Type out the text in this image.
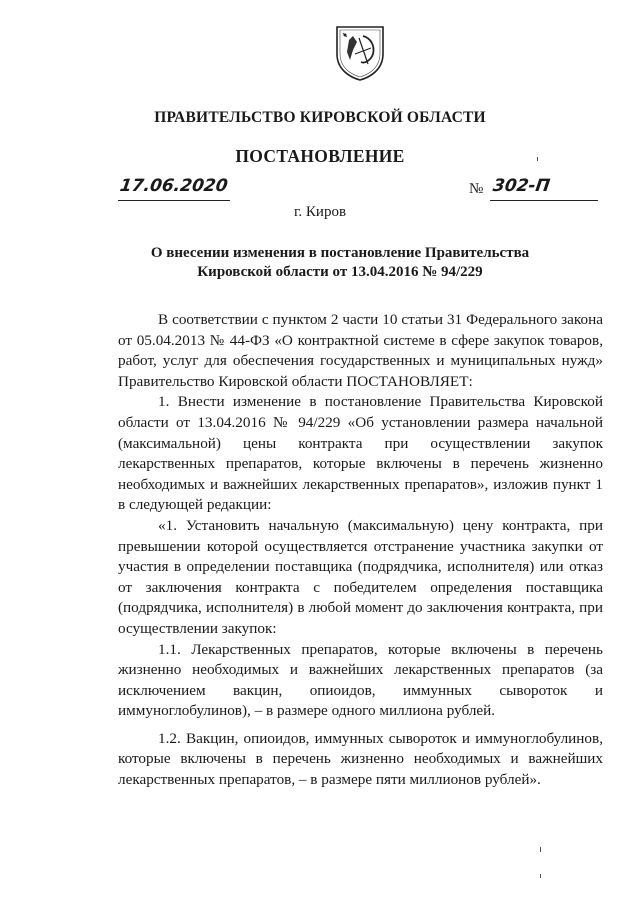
ПРАВИТЕЛЬСТВО КИРОВСКОЙ ОБЛАСТИ
ПОСТАНОВЛЕНИЕ
17.06.2020	№ 302-П
г. Киров
О внесении изменения в постановление Правительства
Кировской области от 13.04.2016 № 94/229

В соответствии с пунктом 2 части 10 статьи 31 Федерального закона от 05.04.2013 № 44-ФЗ «О контрактной системе в сфере закупок товаров, работ, услуг для обеспечения государственных и муниципальных нужд» Правительство Кировской области ПОСТАНОВЛЯЕТ:

1. Внести изменение в постановление Правительства Кировской области от 13.04.2016 № 94/229 «Об установлении размера начальной (максимальной) цены контракта при осуществлении закупок лекарственных препаратов, которые включены в перечень жизненно необходимых и важнейших лекарственных препаратов», изложив пункт 1 в следующей редакции:

«1. Установить начальную (максимальную) цену контракта, при превышении которой осуществляется отстранение участника закупки от участия в определении поставщика (подрядчика, исполнителя) или отказ от заключения контракта с победителем определения поставщика (подрядчика, исполнителя) в любой момент до заключения контракта, при осуществлении закупок:

1.1. Лекарственных препаратов, которые включены в перечень жизненно необходимых и важнейших лекарственных препаратов (за исключением вакцин, опиоидов, иммунных сывороток и иммуноглобулинов), – в размере одного миллиона рублей.

1.2. Вакцин, опиоидов, иммунных сывороток и иммуноглобулинов, которые включены в перечень жизненно необходимых и важнейших лекарственных препаратов, – в размере пяти миллионов рублей».
